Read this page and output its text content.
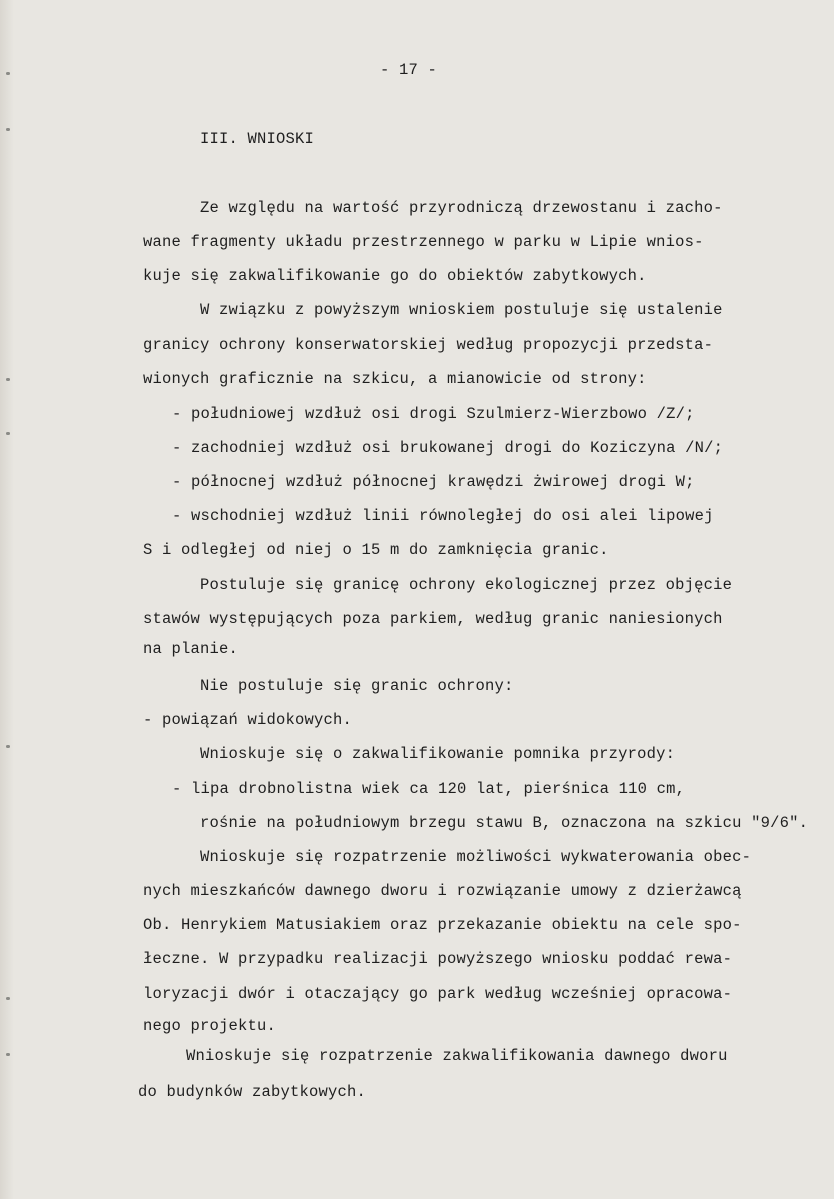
- 17 -
III. WNIOSKI
Ze względu na wartość przyrodniczą drzewostanu i zacho-
wane fragmenty układu przestrzennego w parku w Lipie wnios-
kuje się zakwalifikowanie go do obiektów zabytkowych.
W związku z powyższym wnioskiem postuluje się ustalenie
granicy ochrony konserwatorskiej według propozycji przedsta-
wionych graficznie na szkicu, a mianowicie od strony:
- południowej wzdłuż osi drogi Szulmierz-Wierzbowo /Z/;
- zachodniej wzdłuż osi brukowanej drogi do Koziczyna /N/;
- północnej wzdłuż północnej krawędzi żwirowej drogi W;
- wschodniej wzdłuż linii równoległej do osi alei lipowej
S i odległej od niej o 15 m do zamknięcia granic.
Postuluje się granicę ochrony ekologicznej przez objęcie
stawów występujących poza parkiem, według granic naniesionych
na planie.
Nie postuluje się granic ochrony:
- powiązań widokowych.
Wnioskuje się o zakwalifikowanie pomnika przyrody:
- lipa drobnolistna wiek ca 120 lat, pierśnica 110 cm,
rośnie na południowym brzegu stawu B, oznaczona na szkicu "9/6".
Wnioskuje się rozpatrzenie możliwości wykwaterowania obec-
nych mieszkańców dawnego dworu i rozwiązanie umowy z dzierżawcą
Ob. Henrykiem Matusiakiem oraz przekazanie obiektu na cele spo-
łeczne. W przypadku realizacji powyższego wniosku poddać rewa-
loryzacji dwór i otaczający go park według wcześniej opracowa-
nego projektu.
Wnioskuje się rozpatrzenie zakwalifikowania dawnego dworu
do budynków zabytkowych.
